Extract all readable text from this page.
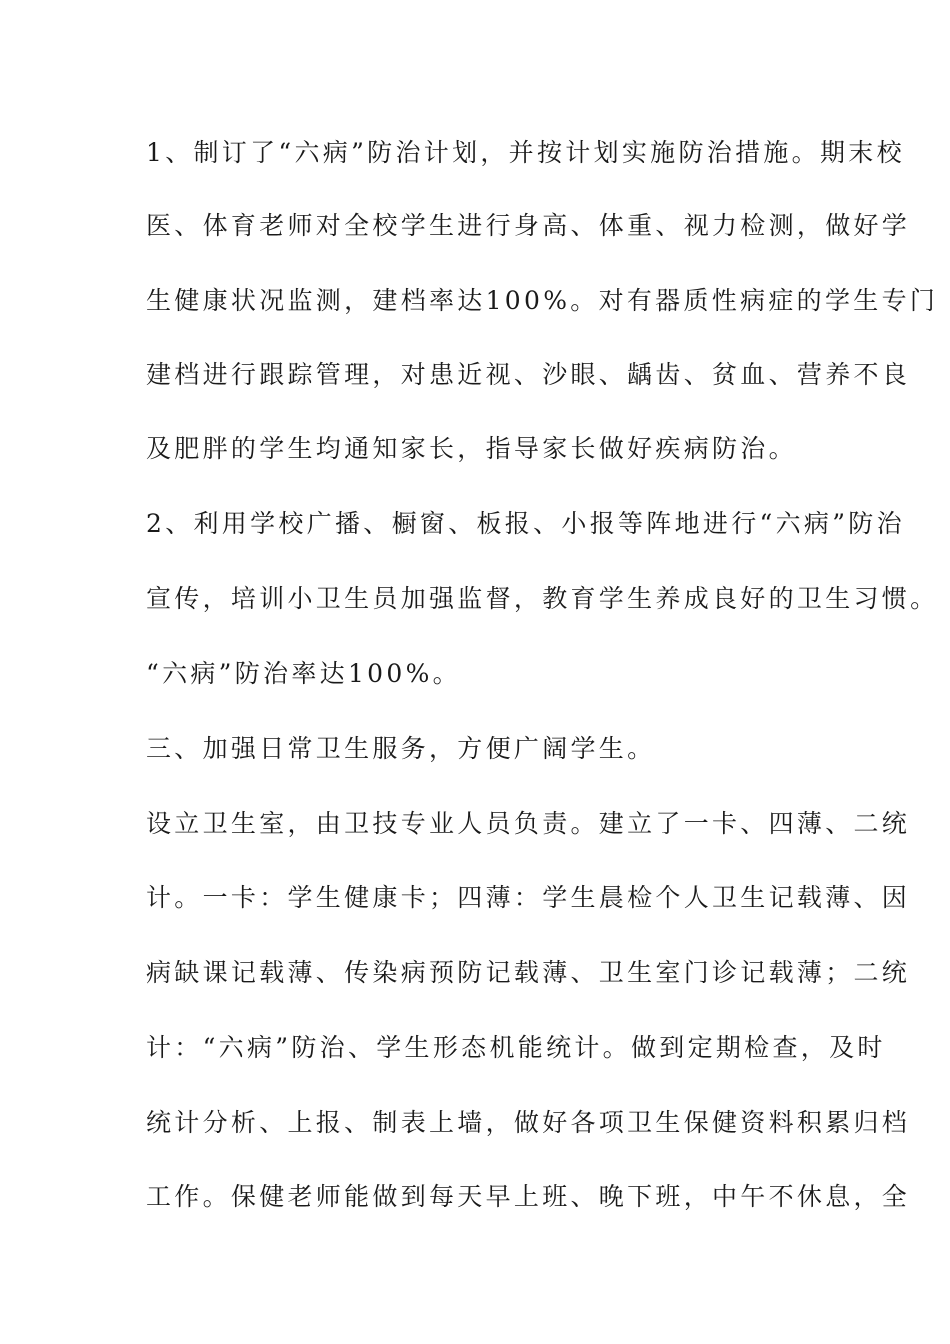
1、制订了“六病”防治计划，并按计划实施防治措施。期末校
医、体育老师对全校学生进行身高、体重、视力检测，做好学
生健康状况监测，建档率达100%。对有器质性病症的学生专门
建档进行跟踪管理，对患近视、沙眼、龋齿、贫血、营养不良
及肥胖的学生均通知家长，指导家长做好疾病防治。
2、利用学校广播、橱窗、板报、小报等阵地进行“六病”防治
宣传，培训小卫生员加强监督，教育学生养成良好的卫生习惯。
“六病”防治率达100%。
三、加强日常卫生服务，方便广阔学生。
设立卫生室，由卫技专业人员负责。建立了一卡、四薄、二统
计。一卡：学生健康卡；四薄：学生晨检个人卫生记载薄、因
病缺课记载薄、传染病预防记载薄、卫生室门诊记载薄；二统
计：“六病”防治、学生形态机能统计。做到定期检查，及时
统计分析、上报、制表上墙，做好各项卫生保健资料积累归档
工作。保健老师能做到每天早上班、晚下班，中午不休息，全
